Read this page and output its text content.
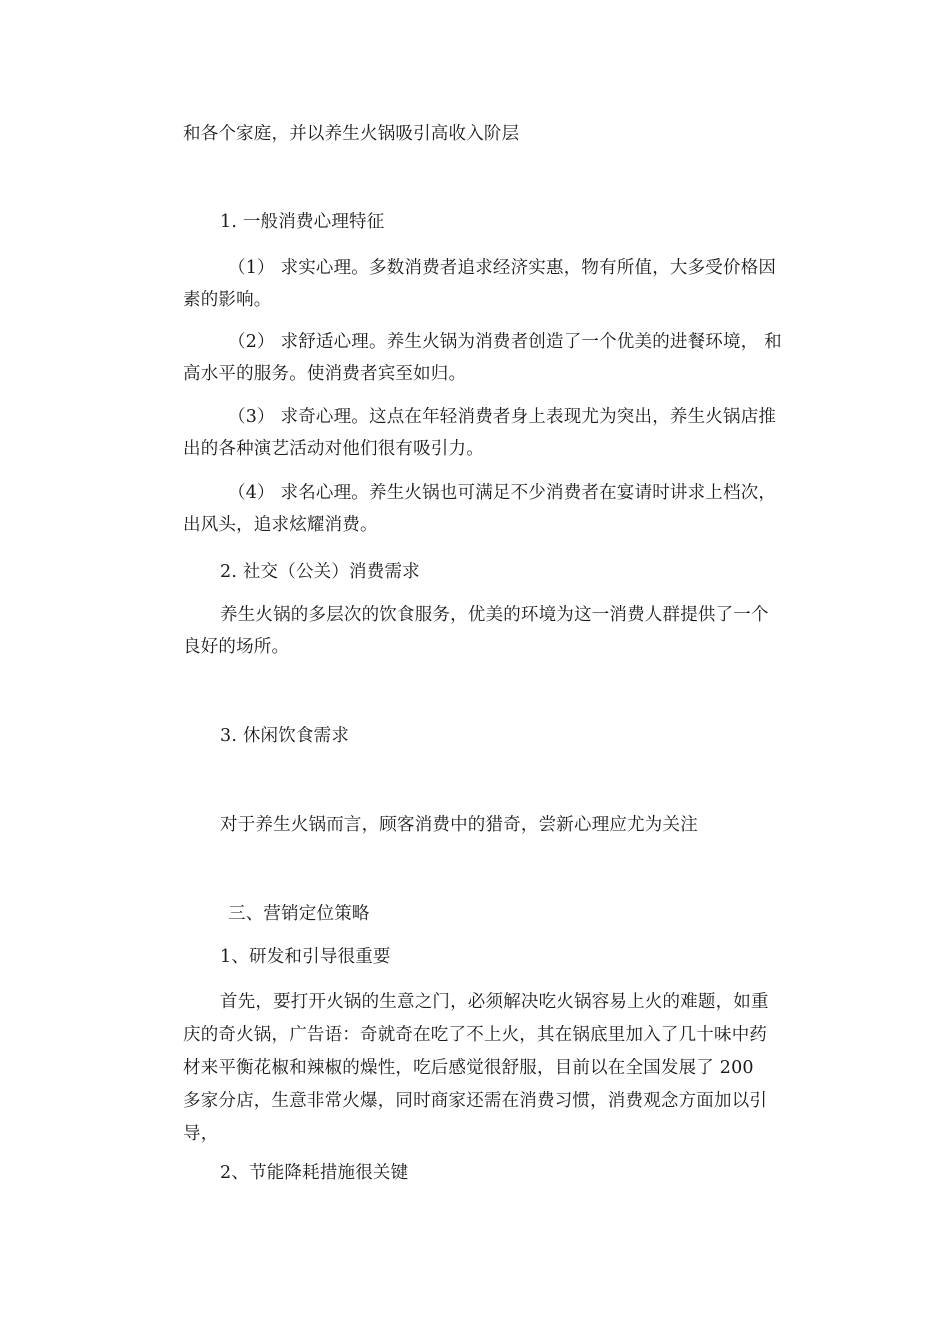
和各个家庭，并以养生火锅吸引高收入阶层
1. 一般消费心理特征
（1） 求实心理。多数消费者追求经济实惠，物有所值，大多受价格因
素的影响。
（2） 求舒适心理。养生火锅为消费者创造了一个优美的进餐环境， 和
高水平的服务。使消费者宾至如归。
（3） 求奇心理。这点在年轻消费者身上表现尤为突出，养生火锅店推
出的各种演艺活动对他们很有吸引力。
（4） 求名心理。养生火锅也可满足不少消费者在宴请时讲求上档次，
出风头，追求炫耀消费。
2. 社交（公关）消费需求
养生火锅的多层次的饮食服务，优美的环境为这一消费人群提供了一个
良好的场所。
3. 休闲饮食需求
对于养生火锅而言，顾客消费中的猎奇，尝新心理应尤为关注
三、营销定位策略
1、研发和引导很重要
首先，要打开火锅的生意之门，必须解决吃火锅容易上火的难题，如重
庆的奇火锅，广告语：奇就奇在吃了不上火，其在锅底里加入了几十味中药
材来平衡花椒和辣椒的燥性，吃后感觉很舒服，目前以在全国发展了 200
多家分店，生意非常火爆，同时商家还需在消费习惯，消费观念方面加以引
导，
2、节能降耗措施很关键
